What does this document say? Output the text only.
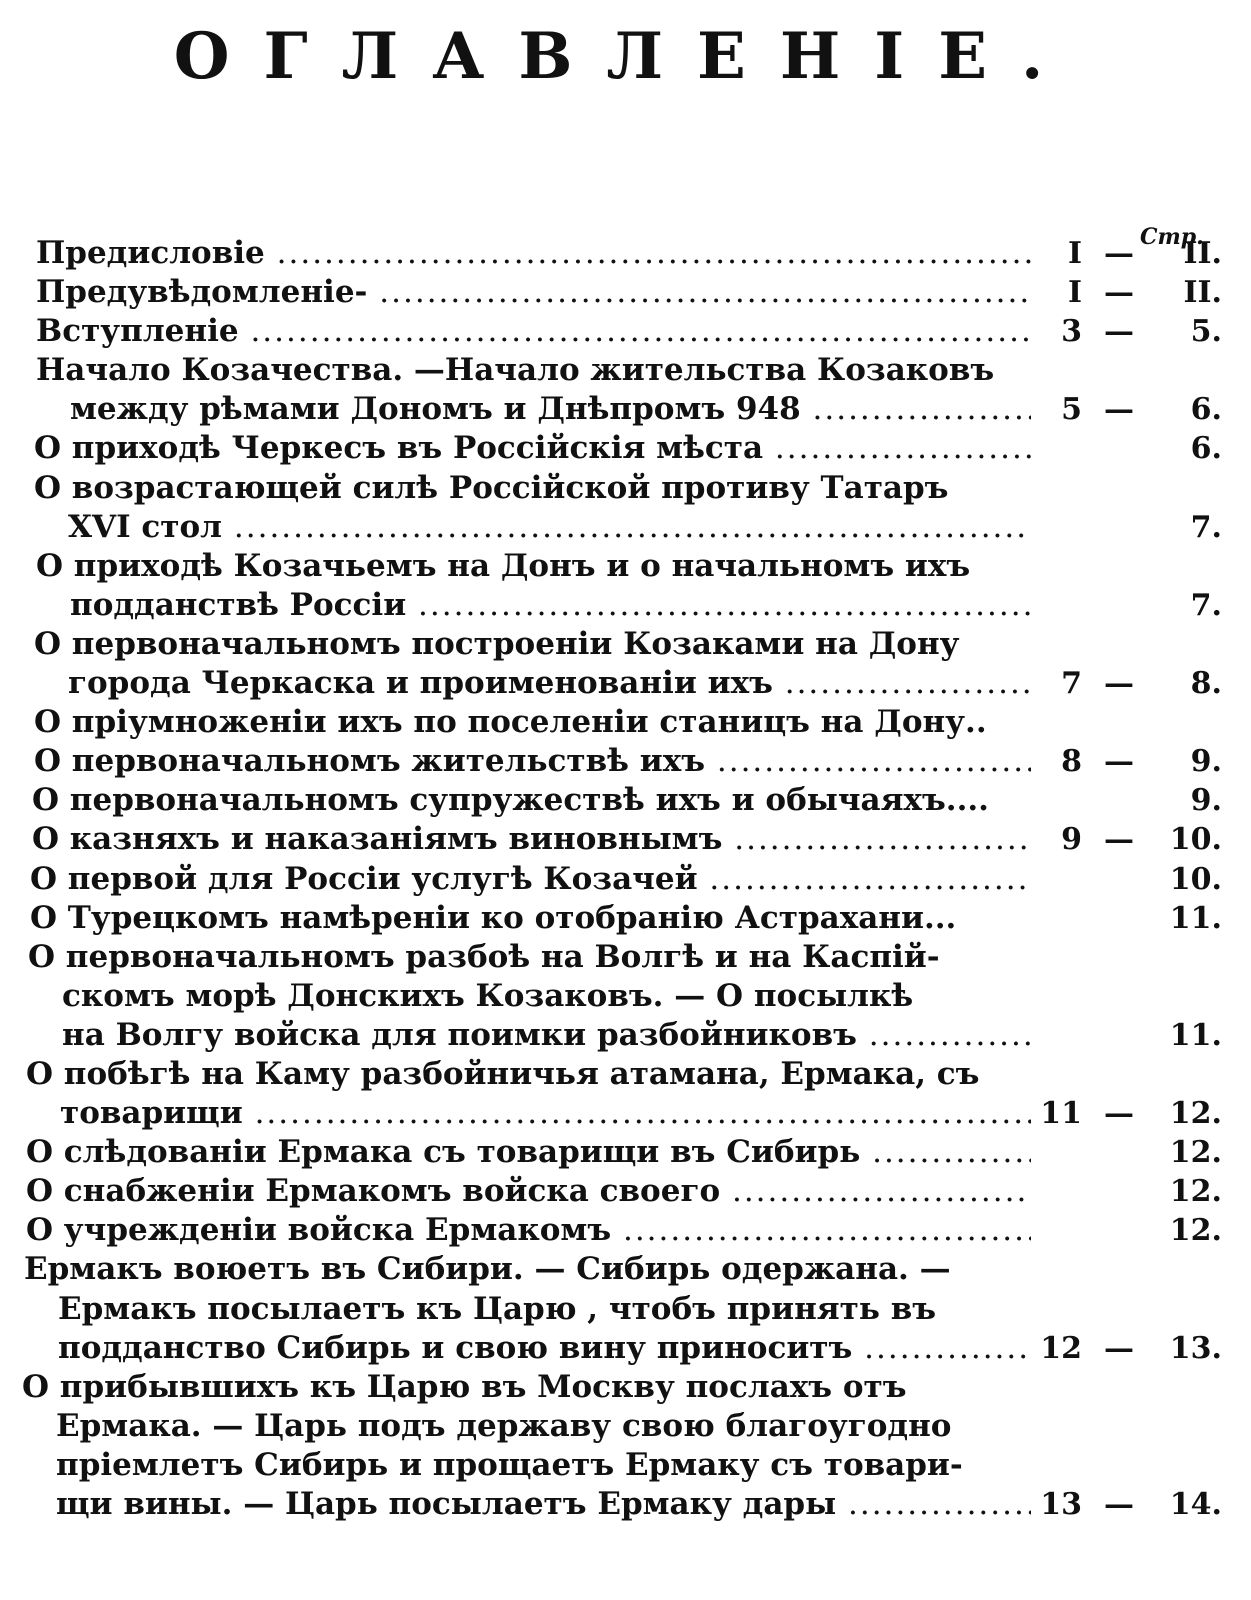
ОГЛАВЛЕНIЕ.
Стр.
Предисловіе .....	I —	II.
Предувѣдомленіе- .....	I —	II.
Вступленіе .....	3 —	5.
Начало Козачества. —Начало жительства Козаковъ
между рѣмами Дономъ и Днѣпромъ 948 .....	5 —	6.
О приходѣ Черкесъ въ Россійскія мѣста .....	6.
О возрастающей силѣ Россійской противу Татаръ
XVI стол .....	7.
О приходѣ Козачьемъ на Донъ и о начальномъ ихъ
подданствѣ Россіи .....	7.
О первоначальномъ построеніи Козаками на Дону
города Черкаска и проименованіи ихъ .....	7 —	8.
О пріумноженіи ихъ по поселеніи станицъ на Дону..
О первоначальномъ жительствѣ ихъ .....	8 —	9.
О первоначальномъ супружествѣ ихъ и обычаяхъ....	9.
О казняхъ и наказаніямъ виновнымъ .....	9 —	10.
О первой для Россіи услугѣ Козачей .....	10.
О Турецкомъ намѣреніи ко отобранію Астрахани...	11.
О первоначальномъ разбоѣ на Волгѣ и на Каспій-
скомъ морѣ Донскихъ Козаковъ. — О посылкѣ
на Волгу войска для поимки разбойниковъ .....	11.
О побѣгѣ на Каму разбойничья атамана, Ермака, съ
товарищи .....	11 —	12.
О слѣдованіи Ермака съ товарищи въ Сибирь .....	12.
О снабженіи Ермакомъ войска своего .....	12.
О учрежденіи войска Ермакомъ .....	12.
Ермакъ воюетъ въ Сибири. — Сибирь одержана. —
Ермакъ посылаетъ къ Царю , чтобъ принять въ
подданство Сибирь и свою вину приноситъ .....	12 —	13.
О прибывшихъ къ Царю въ Москву послахъ отъ
Ермака. — Царь подъ державу свою благоугодно
пріемлетъ Сибирь и прощаетъ Ермаку съ товари-
щи вины. — Царь посылаетъ Ермаку дары .....	13 —	14.
